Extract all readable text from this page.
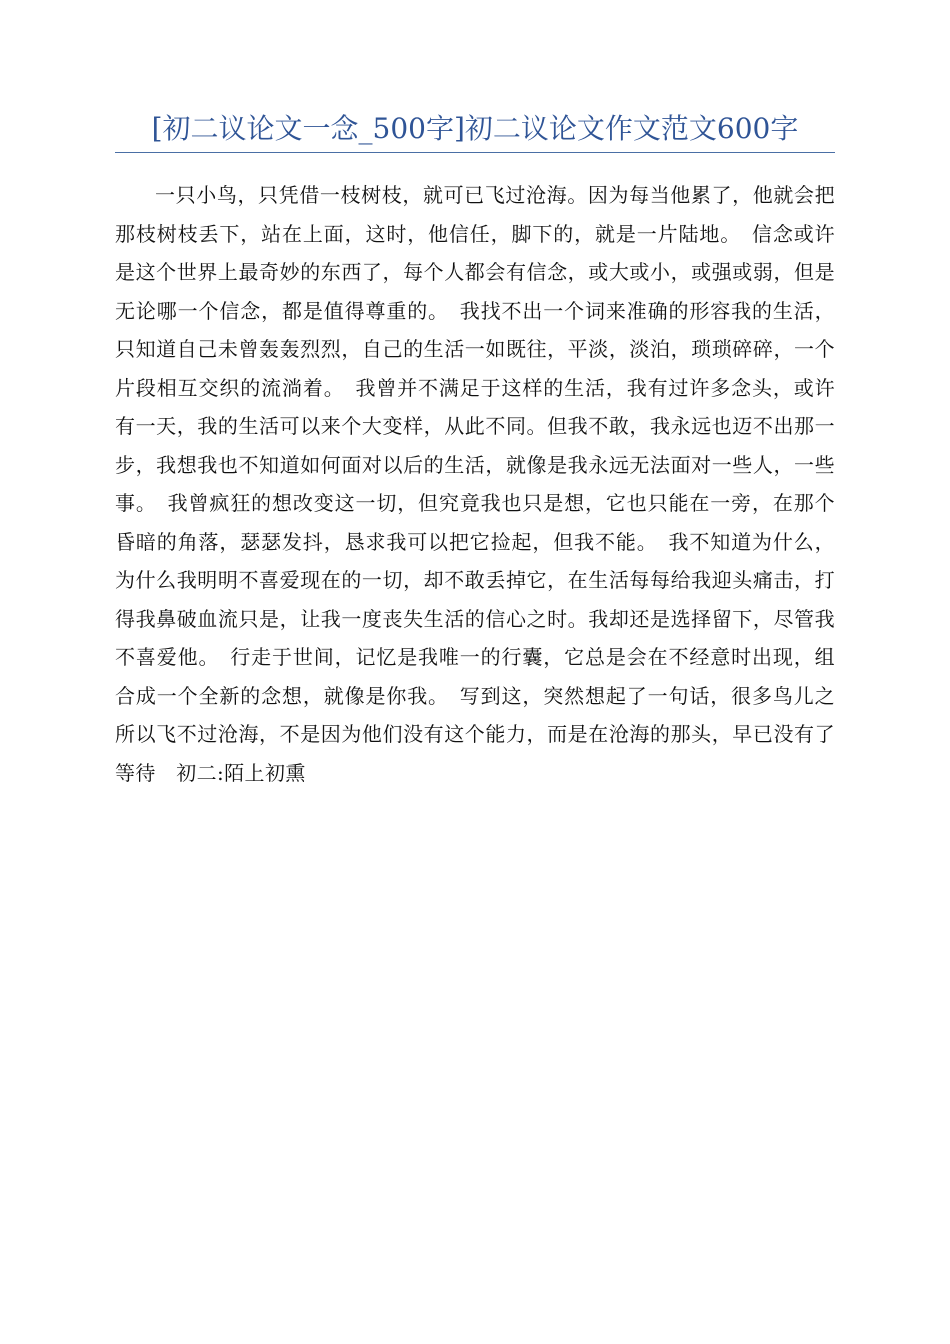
[初二议论文一念_500字]初二议论文作文范文600字

一只小鸟，只凭借一枝树枝，就可已飞过沧海。因为每当他累了，他就会把那枝树枝丢下，站在上面，这时，他信任，脚下的，就是一片陆地。　信念或许是这个世界上最奇妙的东西了，每个人都会有信念，或大或小，或强或弱，但是无论哪一个信念，都是值得尊重的。　我找不出一个词来准确的形容我的生活，只知道自己未曾轰轰烈烈，自己的生活一如既往，平淡，淡泊，琐琐碎碎，一个片段相互交织的流淌着。　我曾并不满足于这样的生活，我有过许多念头，或许有一天，我的生活可以来个大变样，从此不同。但我不敢，我永远也迈不出那一步，我想我也不知道如何面对以后的生活，就像是我永远无法面对一些人，一些事。　我曾疯狂的想改变这一切，但究竟我也只是想，它也只能在一旁，在那个昏暗的角落，瑟瑟发抖，恳求我可以把它捡起，但我不能。　我不知道为什么，为什么我明明不喜爱现在的一切，却不敢丢掉它，在生活每每给我迎头痛击，打得我鼻破血流只是，让我一度丧失生活的信心之时。我却还是选择留下，尽管我不喜爱他。　行走于世间，记忆是我唯一的行囊，它总是会在不经意时出现，组合成一个全新的念想，就像是你我。　写到这，突然想起了一句话，很多鸟儿之所以飞不过沧海，不是因为他们没有这个能力，而是在沧海的那头，早已没有了等待　初二:陌上初熏
